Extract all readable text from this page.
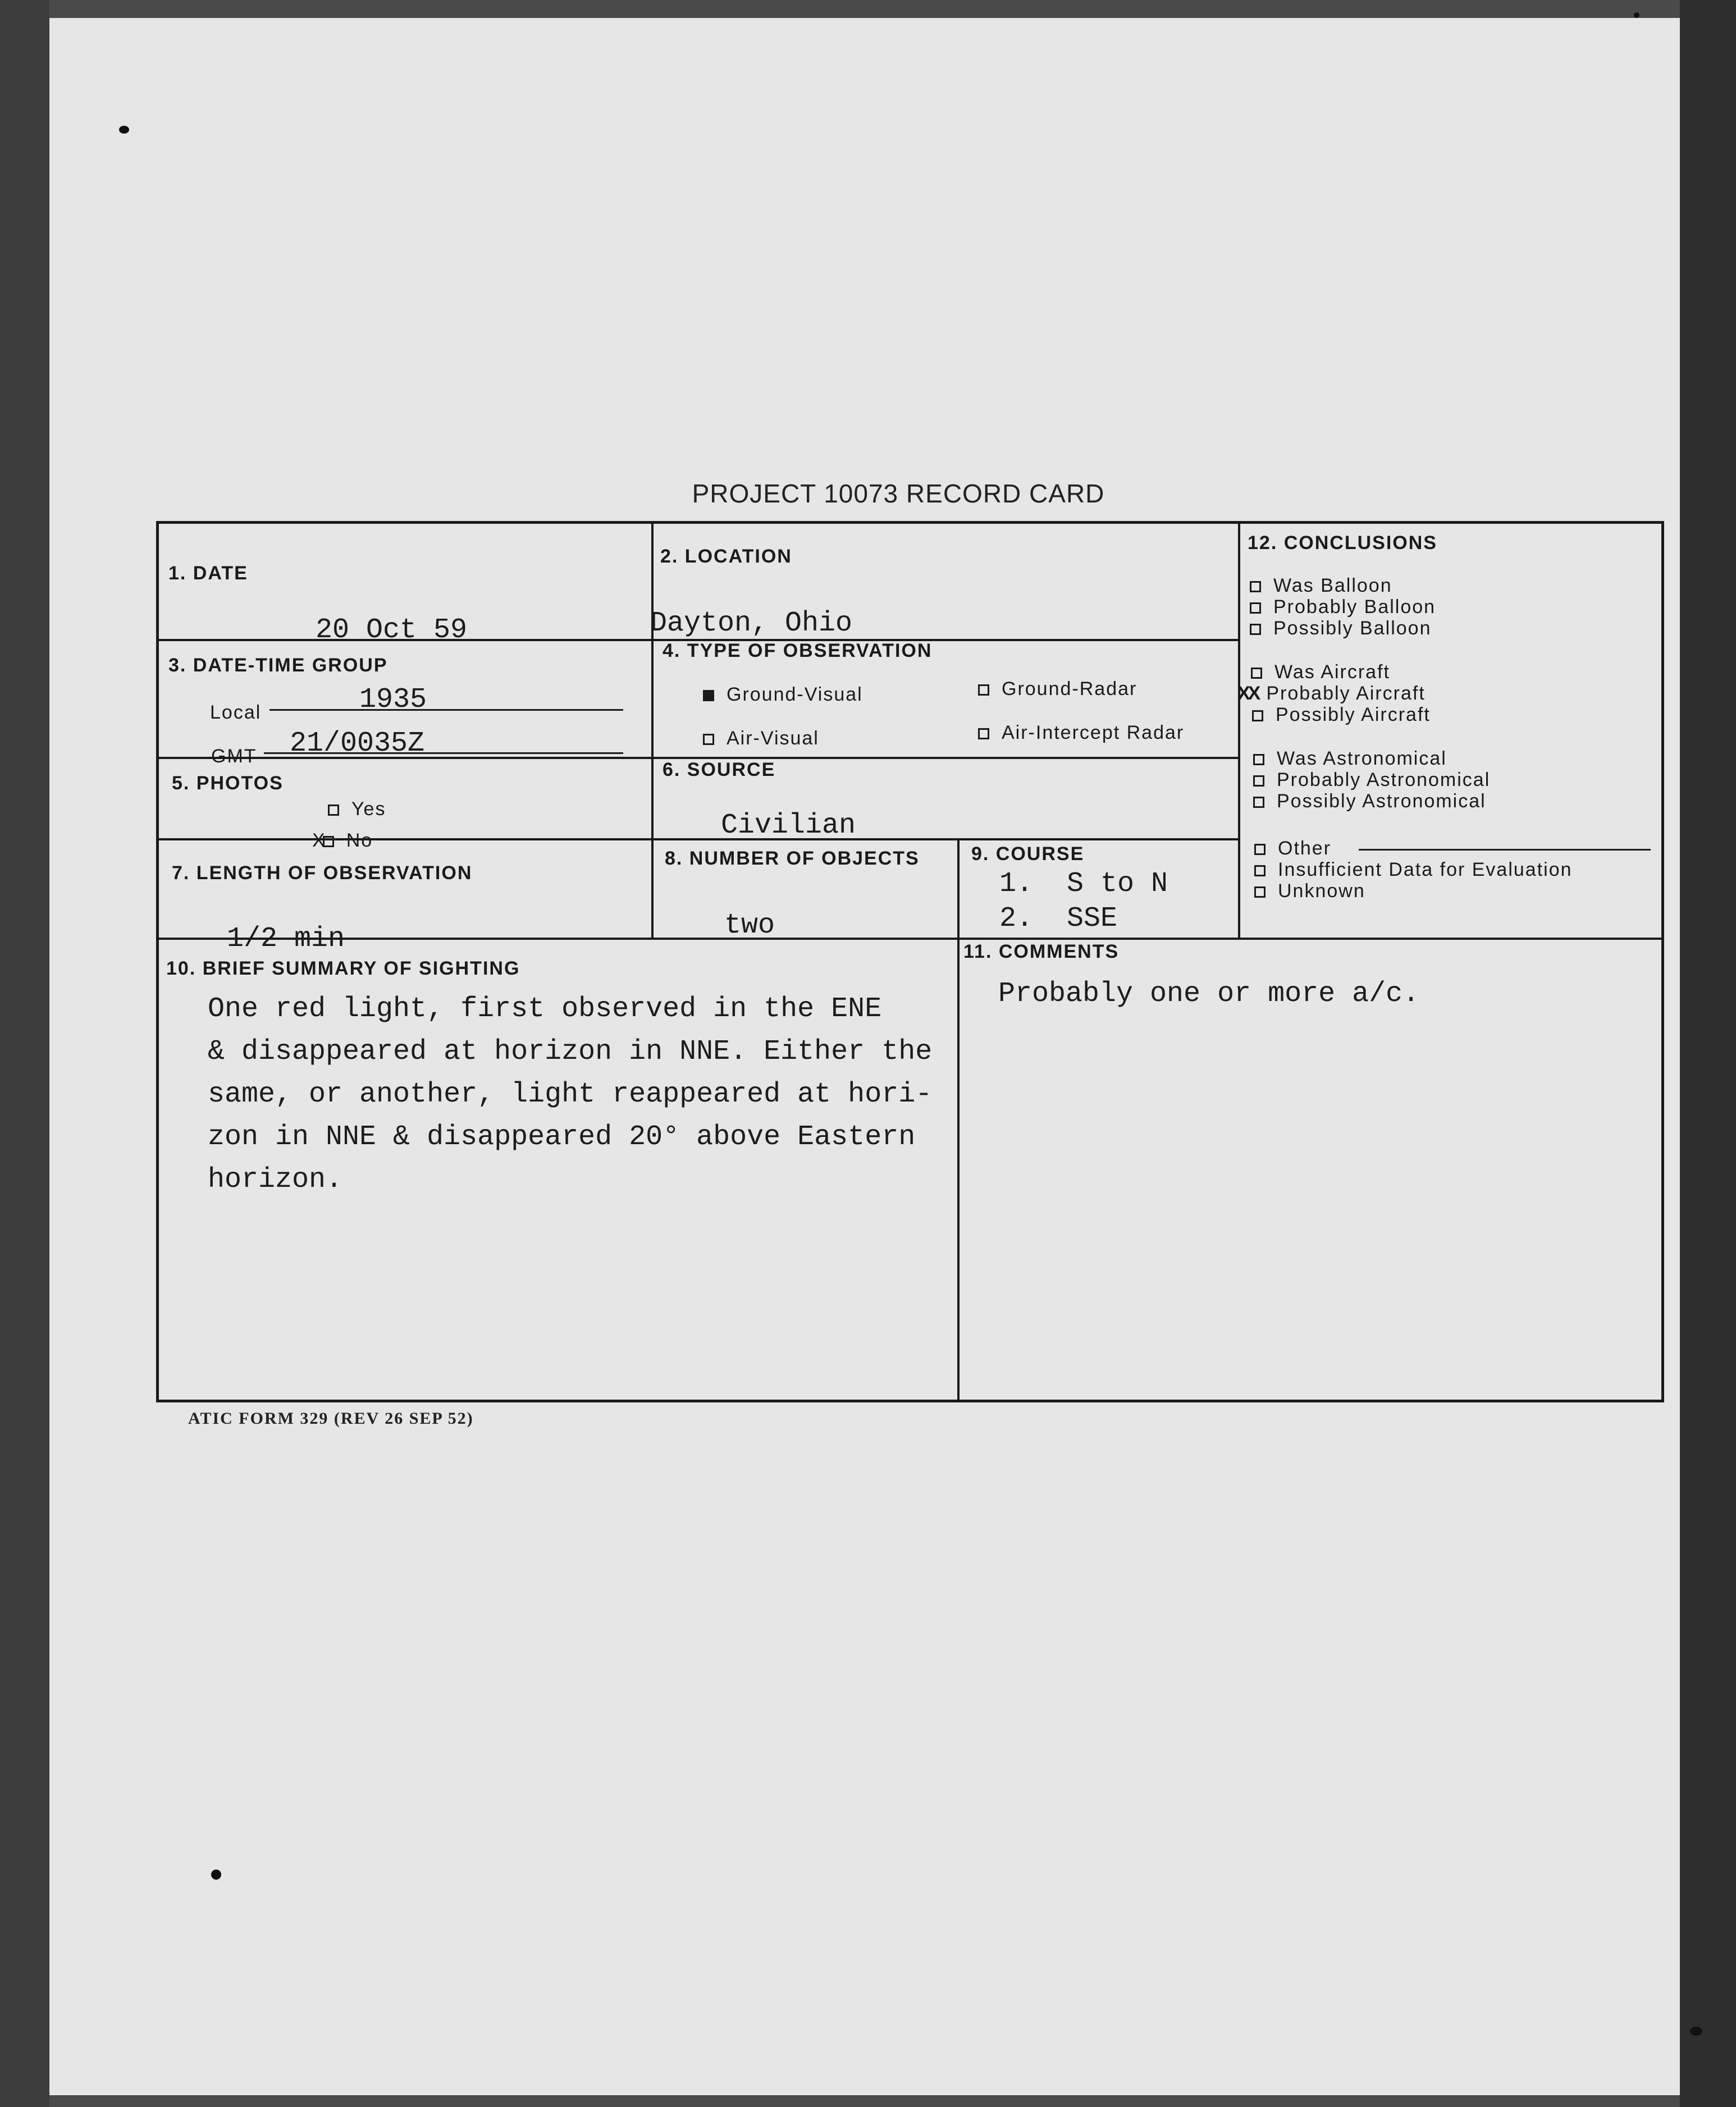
PROJECT 10073 RECORD CARD
1. DATE
20 Oct 59
2. LOCATION
Dayton, Ohio
3. DATE-TIME GROUP
Local	1935
GMT 21/0035Z
4. TYPE OF OBSERVATION
Ground-Visual	Ground-Radar
Air-Visual	Air-Intercept Radar
5. PHOTOS
Yes
X No
6. SOURCE
Civilian
7. LENGTH OF OBSERVATION
1/2 min
8. NUMBER OF OBJECTS
two
9. COURSE
1.  S to N
2.  SSE
10. BRIEF SUMMARY OF SIGHTING
One red light, first observed in the ENE
& disappeared at horizon in NNE. Either the
same, or another, light reappeared at hori-
zon in NNE & disappeared 20° above Eastern
horizon.
11. COMMENTS
Probably one or more a/c.
12. CONCLUSIONS
Was Balloon
Probably Balloon
Possibly Balloon
Was Aircraft
XX Probably Aircraft
Possibly Aircraft
Was Astronomical
Probably Astronomical
Possibly Astronomical
Other
Insufficient Data for Evaluation
Unknown
ATIC FORM 329 (REV 26 SEP 52)
